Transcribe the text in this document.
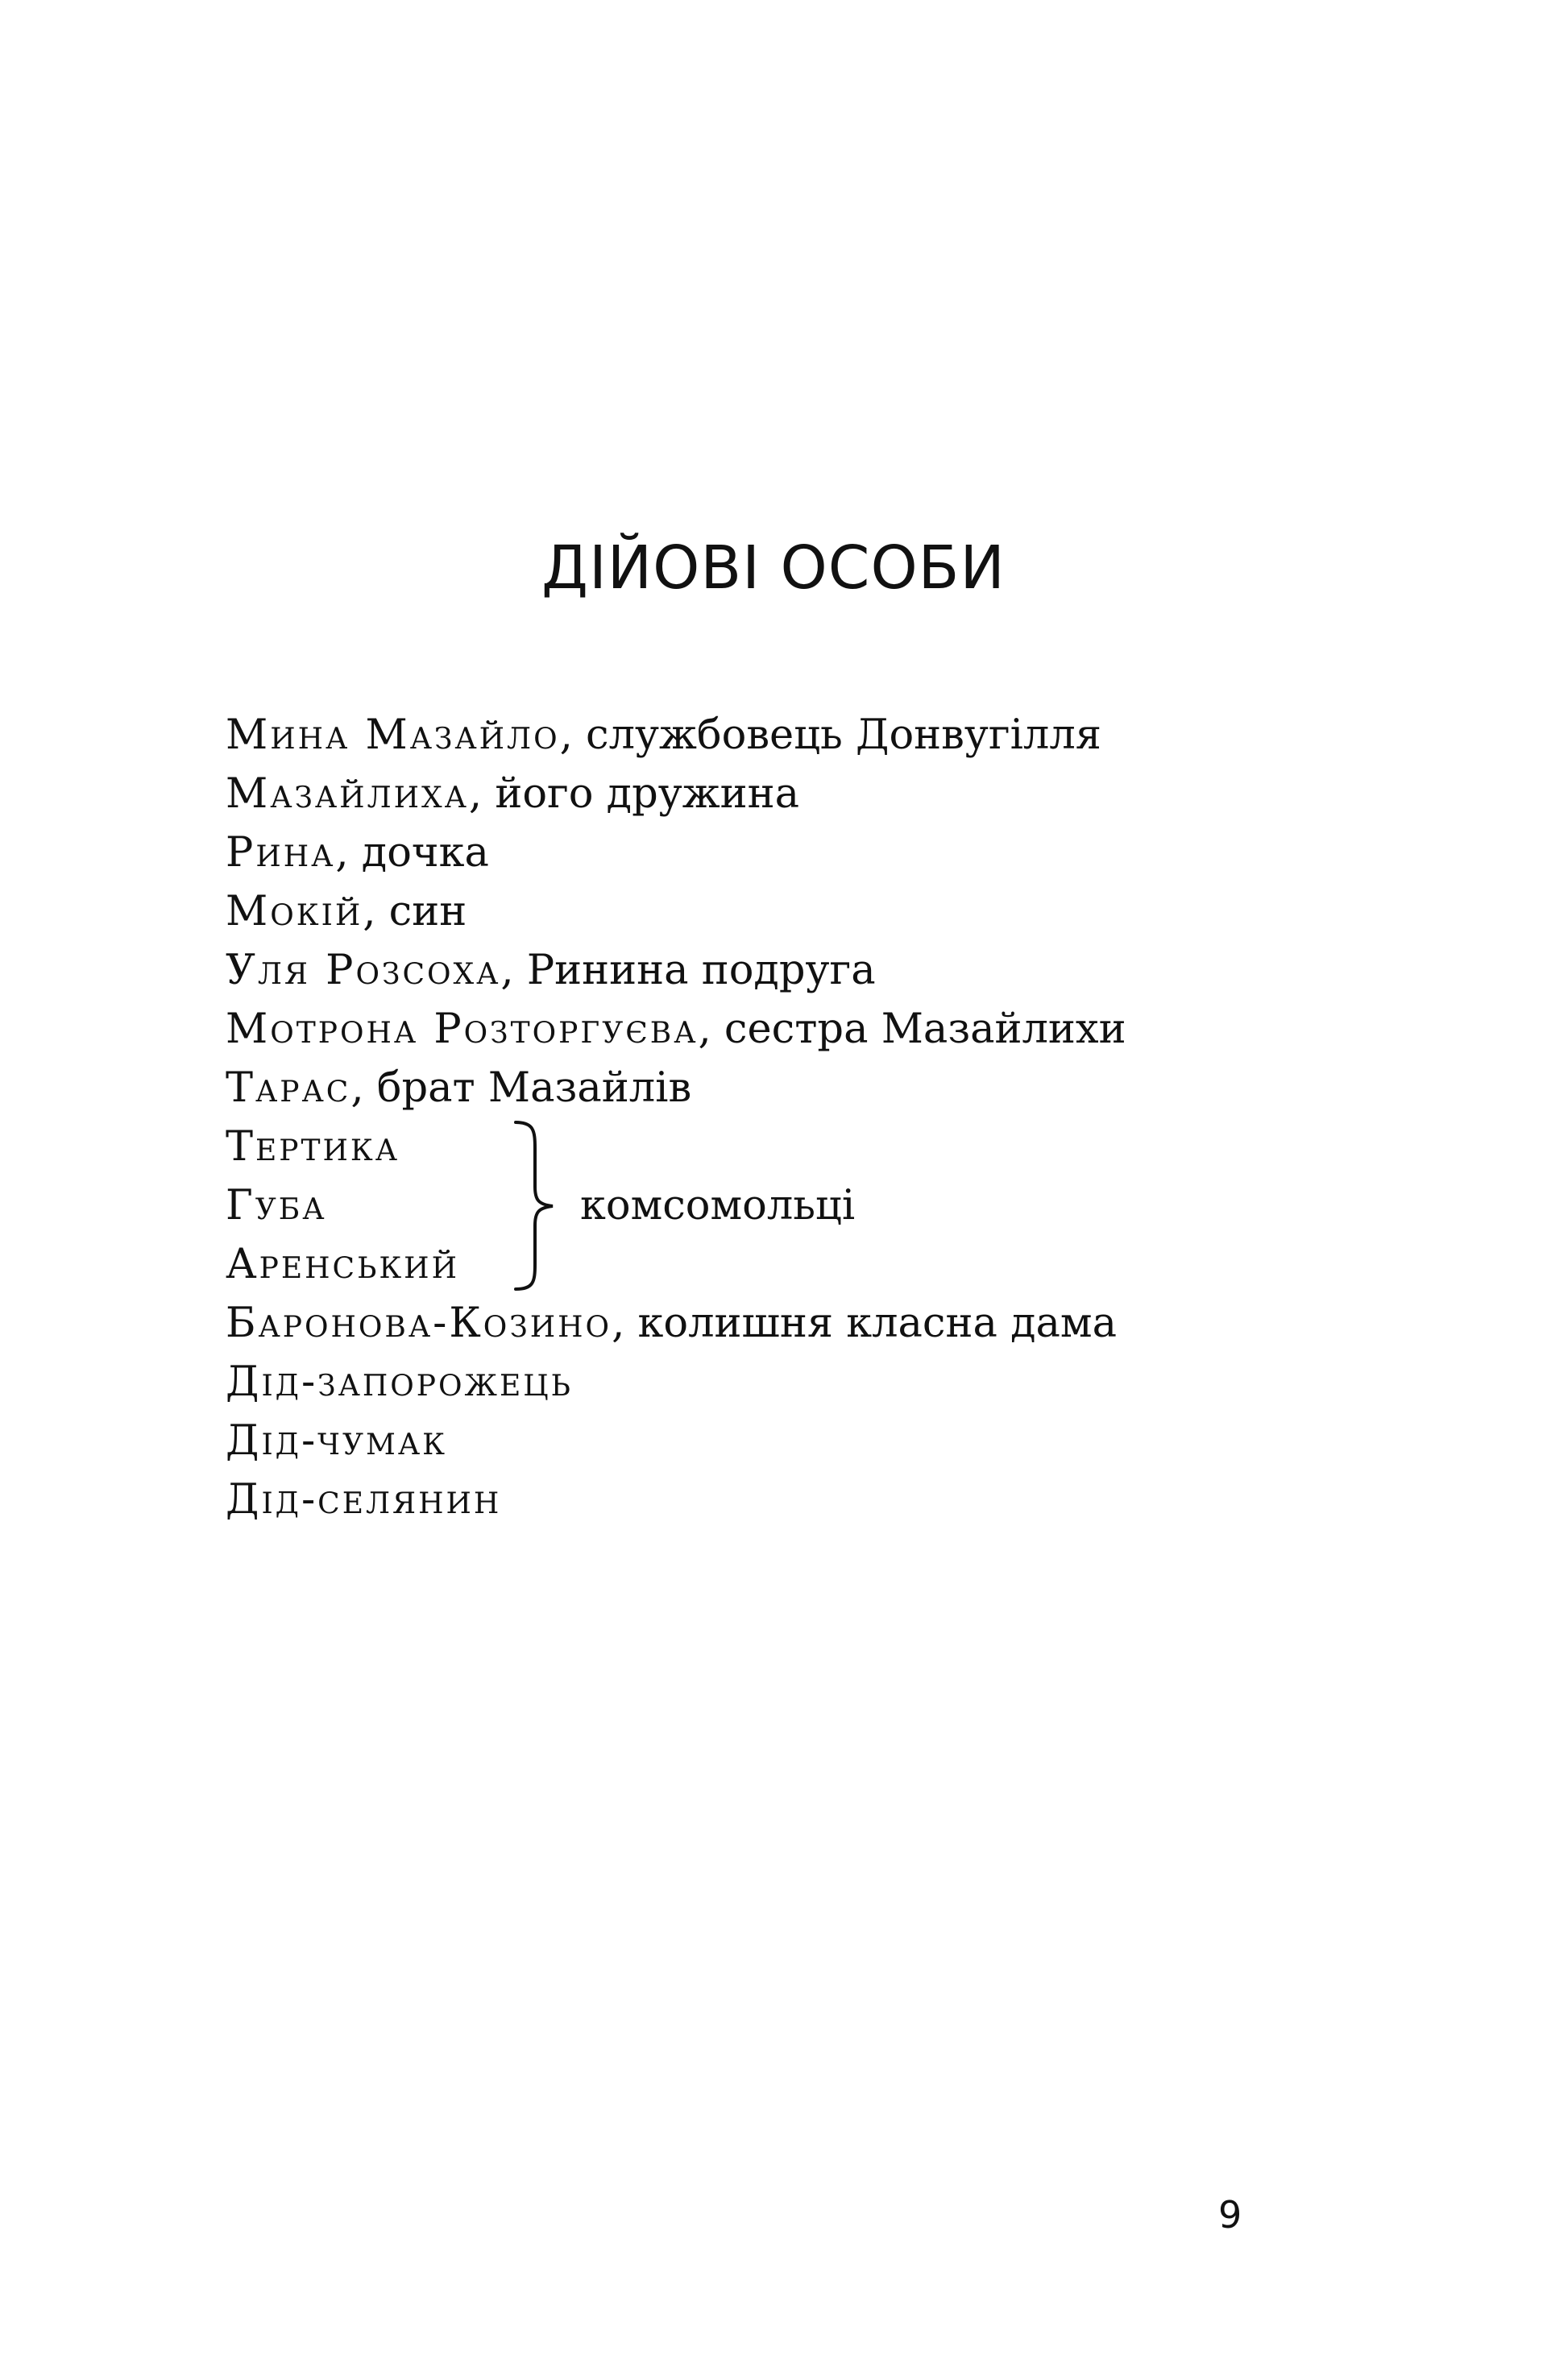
ДІЙОВІ ОСОБИ
Мина Мазайло, службовець Донвугілля
Мазайлиха, його дружина
Рина, дочка
Мокій, син
Уля Розсоха, Ринина подруга
Мотрона Розторгуєва, сестра Мазайлихи
Тарас, брат Мазайлів
Тертика
Губа
Аренський
комсомольці
Баронова-Козино, колишня класна дама
Дід-запорожець
Дід-чумак
Дід-селянин
9
